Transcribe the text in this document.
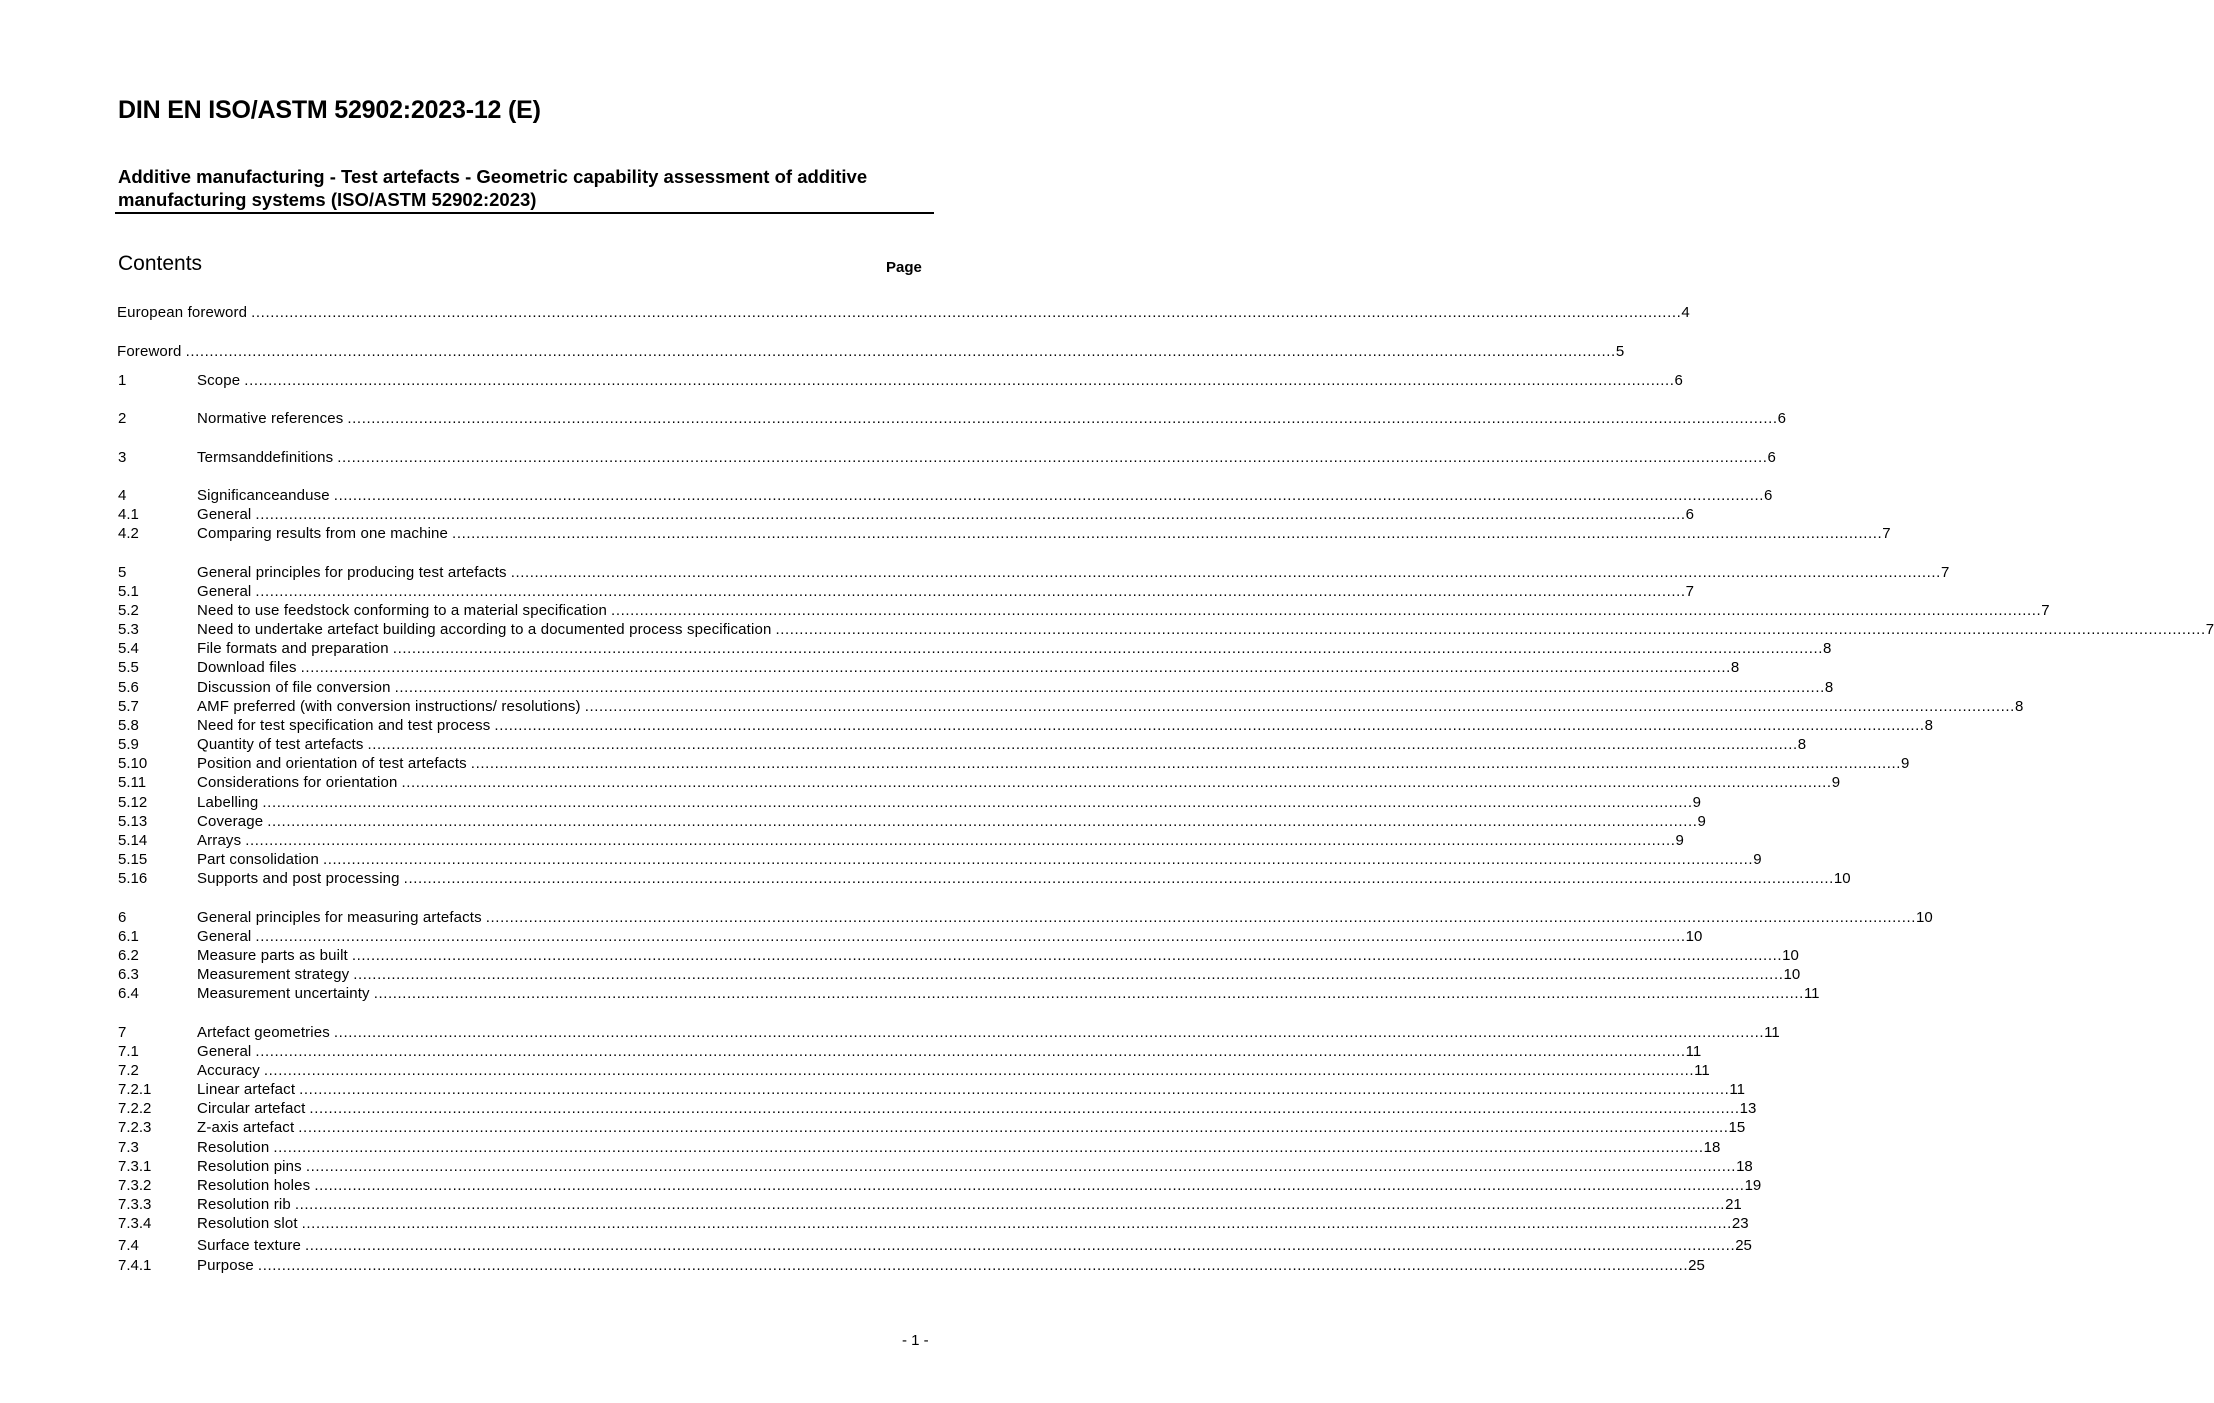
DIN EN ISO/ASTM 52902:2023-12 (E)
Additive manufacturing - Test artefacts - Geometric capability assessment of additive manufacturing systems (ISO/ASTM 52902:2023)
Contents	Page
European foreword ............................................................................................................................................................................................................................................................................................................ 4
Foreword ............................................................................................................................................................................................................................................................................................................ 5
1	Scope ............................................................................................................................................................................................................................................................................................................ 6
2	Normative references ............................................................................................................................................................................................................................................................................................................ 6
3	Termsanddefinitions ............................................................................................................................................................................................................................................................................................................ 6
4	Significanceanduse ............................................................................................................................................................................................................................................................................................................ 6
4.1	General ............................................................................................................................................................................................................................................................................................................ 6
4.2	Comparing results from one machine ............................................................................................................................................................................................................................................................................................................ 7
5	General principles for producing test artefacts ............................................................................................................................................................................................................................................................................................................ 7
5.1	General ............................................................................................................................................................................................................................................................................................................ 7
5.2	Need to use feedstock conforming to a material specification ............................................................................................................................................................................................................................................................................................................ 7
5.3	Need to undertake artefact building according to a documented process specification ............................................................................................................................................................................................................................................................................................................ 7
5.4	File formats and preparation ............................................................................................................................................................................................................................................................................................................ 8
5.5	Download files ............................................................................................................................................................................................................................................................................................................ 8
5.6	Discussion of file conversion ............................................................................................................................................................................................................................................................................................................ 8
5.7	AMF preferred (with conversion instructions/ resolutions) ............................................................................................................................................................................................................................................................................................................ 8
5.8	Need for test specification and test process ............................................................................................................................................................................................................................................................................................................ 8
5.9	Quantity of test artefacts ............................................................................................................................................................................................................................................................................................................ 8
5.10	Position and orientation of test artefacts ............................................................................................................................................................................................................................................................................................................ 9
5.11	Considerations for orientation ............................................................................................................................................................................................................................................................................................................ 9
5.12	Labelling ............................................................................................................................................................................................................................................................................................................ 9
5.13	Coverage ............................................................................................................................................................................................................................................................................................................ 9
5.14	Arrays ............................................................................................................................................................................................................................................................................................................ 9
5.15	Part consolidation ............................................................................................................................................................................................................................................................................................................ 9
5.16	Supports and post processing ............................................................................................................................................................................................................................................................................................................ 10
6	General principles for measuring artefacts ............................................................................................................................................................................................................................................................................................................ 10
6.1	General ............................................................................................................................................................................................................................................................................................................ 10
6.2	Measure parts as built ............................................................................................................................................................................................................................................................................................................ 10
6.3	Measurement strategy ............................................................................................................................................................................................................................................................................................................ 10
6.4	Measurement uncertainty ............................................................................................................................................................................................................................................................................................................ 11
7	Artefact geometries ............................................................................................................................................................................................................................................................................................................ 11
7.1	General ............................................................................................................................................................................................................................................................................................................ 11
7.2	Accuracy ............................................................................................................................................................................................................................................................................................................ 11
7.2.1	Linear artefact ............................................................................................................................................................................................................................................................................................................ 11
7.2.2	Circular artefact ............................................................................................................................................................................................................................................................................................................ 13
7.2.3	Z-axis artefact ............................................................................................................................................................................................................................................................................................................ 15
7.3	Resolution ............................................................................................................................................................................................................................................................................................................ 18
7.3.1	Resolution pins ............................................................................................................................................................................................................................................................................................................ 18
7.3.2	Resolution holes ............................................................................................................................................................................................................................................................................................................ 19
7.3.3	Resolution rib ............................................................................................................................................................................................................................................................................................................ 21
7.3.4	Resolution slot ............................................................................................................................................................................................................................................................................................................ 23
7.4	Surface texture ............................................................................................................................................................................................................................................................................................................ 25
7.4.1	Purpose ............................................................................................................................................................................................................................................................................................................ 25
- 1 -
